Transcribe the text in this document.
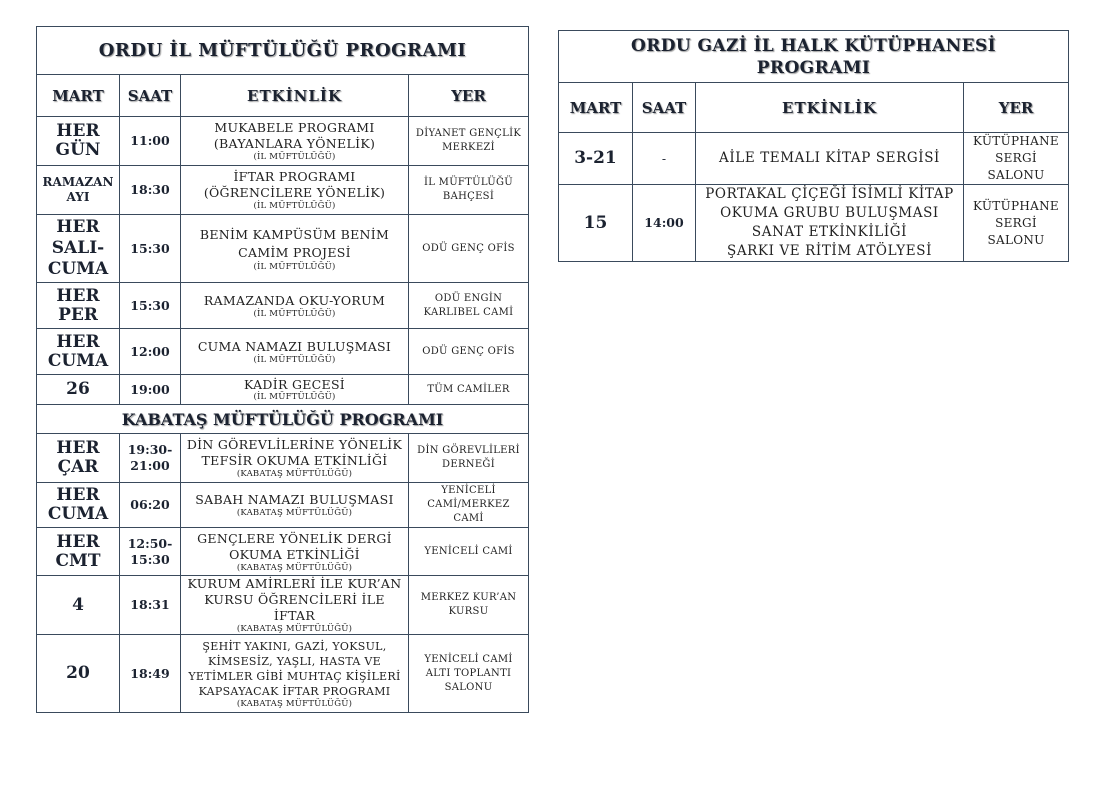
ORDU İL MÜFTÜLÜĞÜ PROGRAMI			
MART	SAAT	ETKİNLİK	YER
HER GÜN	11:00	MUKABELE PROGRAMI
(BAYANLARA YÖNELİK)
(İL MÜFTÜLÜĞÜ)	DİYANET GENÇLİK MERKEZİ
RAMAZAN AYI	18:30	İFTAR PROGRAMI
(ÖĞRENCİLERE YÖNELİK)
(İL MÜFTÜLÜĞÜ)	İL MÜFTÜLÜĞÜ BAHÇESİ
HER SALI-CUMA	15:30	BENİM KAMPÜSÜM BENİM
CAMİM PROJESİ
(İL MÜFTÜLÜĞÜ)	ODÜ GENÇ OFİS
HER PER	15:30	RAMAZANDA OKU-YORUM
(İL MÜFTÜLÜĞÜ)	ODÜ ENGİN KARLIBEL CAMİ
HER CUMA	12:00	CUMA NAMAZI BULUŞMASI
(İL MÜFTÜLÜĞÜ)	ODÜ GENÇ OFİS
26	19:00	KADİR GECESİ
(İL MÜFTÜLÜĞÜ)	TÜM CAMİLER
KABATAŞ MÜFTÜLÜĞÜ PROGRAMI			
HER ÇAR	19:30-21:00	DİN GÖREVLİLERİNE YÖNELİK
TEFSİR OKUMA ETKİNLİĞİ
(KABATAŞ MÜFTÜLÜĞÜ)	DİN GÖREVLİLERİ DERNEĞİ
HER CUMA	06:20	SABAH NAMAZI BULUŞMASI
(KABATAŞ MÜFTÜLÜĞÜ)	YENİCELİ CAMİ/MERKEZ CAMİ
HER CMT	12:50-15:30	GENÇLERE YÖNELİK DERGİ
OKUMA ETKİNLİĞİ
(KABATAŞ MÜFTÜLÜĞÜ)	YENİCELİ CAMİ
4	18:31	KURUM AMİRLERİ İLE KUR’AN
KURSU ÖĞRENCİLERİ İLE İFTAR
(KABATAŞ MÜFTÜLÜĞÜ)	MERKEZ KUR’AN KURSU
20	18:49	ŞEHİT YAKINI, GAZİ, YOKSUL,
KİMSESİZ, YAŞLI, HASTA VE
YETİMLER GİBİ MUHTAÇ KİŞİLERİ
KAPSAYACAK İFTAR PROGRAMI
(KABATAŞ MÜFTÜLÜĞÜ)	YENİCELİ CAMİ ALTI TOPLANTI SALONU
ORDU GAZİ İL HALK KÜTÜPHANESİ
PROGRAMI			

MART	SAAT	ETKİNLİK	YER
3-21	-	AİLE TEMALI KİTAP SERGİSİ	KÜTÜPHANE SERGİ SALONU
15	14:00	PORTAKAL ÇİÇEĞİ İSİMLİ KİTAP
OKUMA GRUBU BULUŞMASI
SANAT ETKİNKİLİĞİ
ŞARKI VE RİTİM ATÖLYESİ	KÜTÜPHANE SERGİ SALONU
